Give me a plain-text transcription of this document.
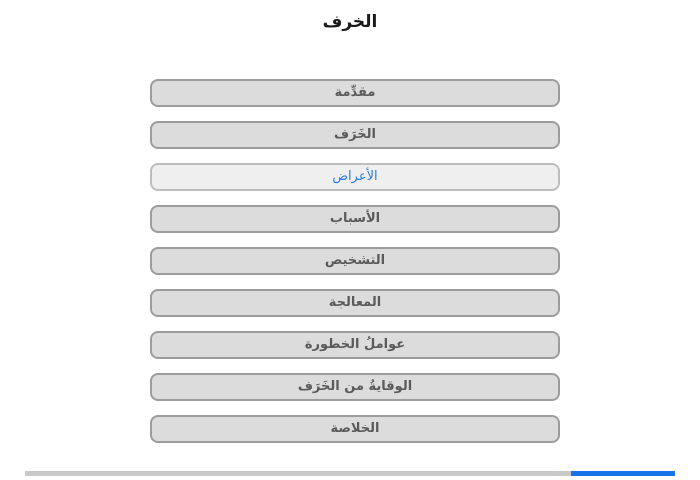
الخرف
مقدِّمة
الخَرَف
الأعراض
الأسباب
التشخيص
المعالجة
عواملُ الخطورة
الوقايةُ من الخَرَف
الخلاصة
